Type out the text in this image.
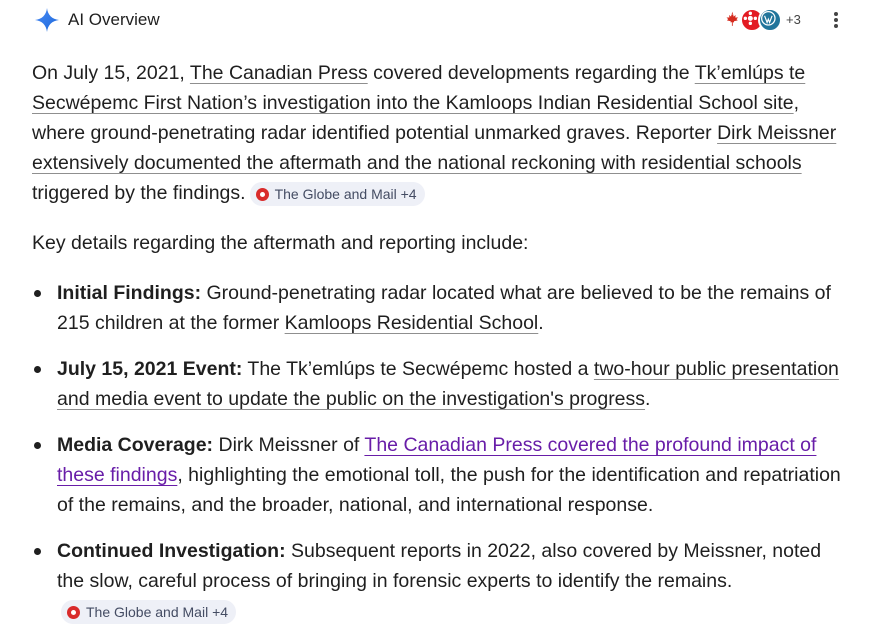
AI Overview	+3

On July 15, 2021, The Canadian Press covered developments regarding the Tk’emlúps te Secwépemc First Nation’s investigation into the Kamloops Indian Residential School site, where ground-penetrating radar identified potential unmarked graves. Reporter Dirk Meissner extensively documented the aftermath and the national reckoning with residential schools triggered by the findings. The Globe and Mail +4

Key details regarding the aftermath and reporting include:

Initial Findings: Ground-penetrating radar located what are believed to be the remains of 215 children at the former Kamloops Residential School.
July 15, 2021 Event: The Tk’emlúps te Secwépemc hosted a two-hour public presentation and media event to update the public on the investigation's progress.
Media Coverage: Dirk Meissner of The Canadian Press covered the profound impact of these findings, highlighting the emotional toll, the push for the identification and repatriation of the remains, and the broader, national, and international response.
Continued Investigation: Subsequent reports in 2022, also covered by Meissner, noted the slow, careful process of bringing in forensic experts to identify the remains.The Globe and Mail +4
